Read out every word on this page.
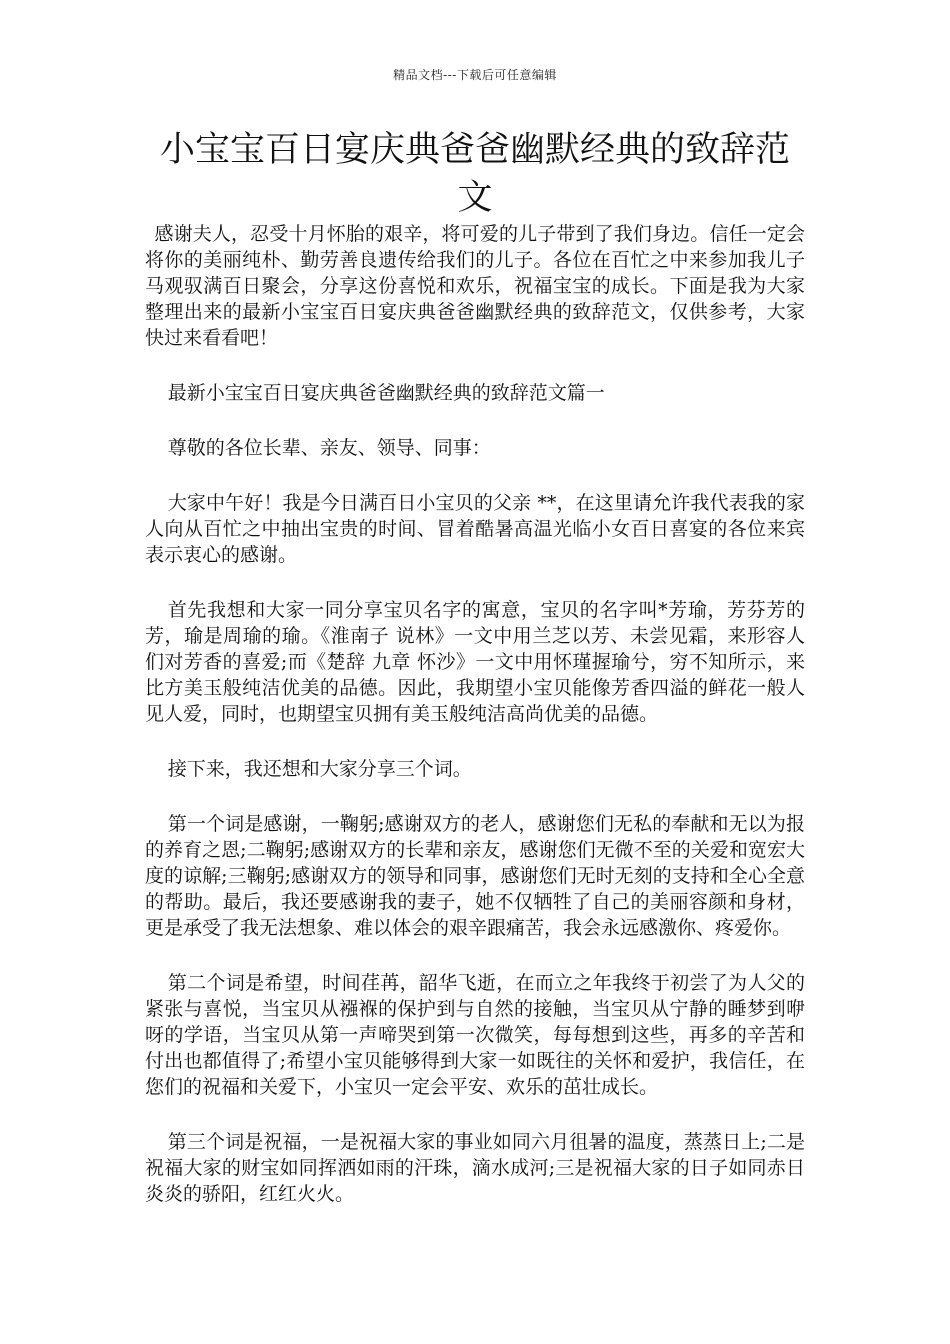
精品文档---下载后可任意编辑
小宝宝百日宴庆典爸爸幽默经典的致辞范文

感谢夫人，忍受十月怀胎的艰辛，将可爱的儿子带到了我们身边。信任一定会将你的美丽纯朴、勤劳善良遗传给我们的儿子。各位在百忙之中来参加我儿子马观驭满百日聚会，分享这份喜悦和欢乐，祝福宝宝的成长。下面是我为大家整理出来的最新小宝宝百日宴庆典爸爸幽默经典的致辞范文，仅供参考，大家快过来看看吧！

最新小宝宝百日宴庆典爸爸幽默经典的致辞范文篇一

尊敬的各位长辈、亲友、领导、同事：

大家中午好！我是今日满百日小宝贝的父亲 **，在这里请允许我代表我的家人向从百忙之中抽出宝贵的时间、冒着酷暑高温光临小女百日喜宴的各位来宾表示衷心的感谢。

首先我想和大家一同分享宝贝名字的寓意，宝贝的名字叫*芳瑜，芳芬芳的芳，瑜是周瑜的瑜。《淮南子 说林》一文中用兰芝以芳、未尝见霜，来形容人们对芳香的喜爱;而《楚辞 九章 怀沙》一文中用怀瑾握瑜兮，穷不知所示，来比方美玉般纯洁优美的品德。因此，我期望小宝贝能像芳香四溢的鲜花一般人见人爱，同时，也期望宝贝拥有美玉般纯洁高尚优美的品德。

接下来，我还想和大家分享三个词。

第一个词是感谢，一鞠躬;感谢双方的老人，感谢您们无私的奉献和无以为报的养育之恩;二鞠躬;感谢双方的长辈和亲友，感谢您们无微不至的关爱和宽宏大度的谅解;三鞠躬;感谢双方的领导和同事，感谢您们无时无刻的支持和全心全意的帮助。最后，我还要感谢我的妻子，她不仅牺牲了自己的美丽容颜和身材，更是承受了我无法想象、难以体会的艰辛跟痛苦，我会永远感激你、疼爱你。

第二个词是希望，时间荏苒，韶华飞逝，在而立之年我终于初尝了为人父的紧张与喜悦，当宝贝从襁褓的保护到与自然的接触，当宝贝从宁静的睡梦到咿呀的学语，当宝贝从第一声啼哭到第一次微笑，每每想到这些，再多的辛苦和付出也都值得了;希望小宝贝能够得到大家一如既往的关怀和爱护，我信任，在您们的祝福和关爱下，小宝贝一定会平安、欢乐的茁壮成长。

第三个词是祝福，一是祝福大家的事业如同六月徂暑的温度，蒸蒸日上;二是祝福大家的财宝如同挥洒如雨的汗珠，滴水成河;三是祝福大家的日子如同赤日炎炎的骄阳，红红火火。
